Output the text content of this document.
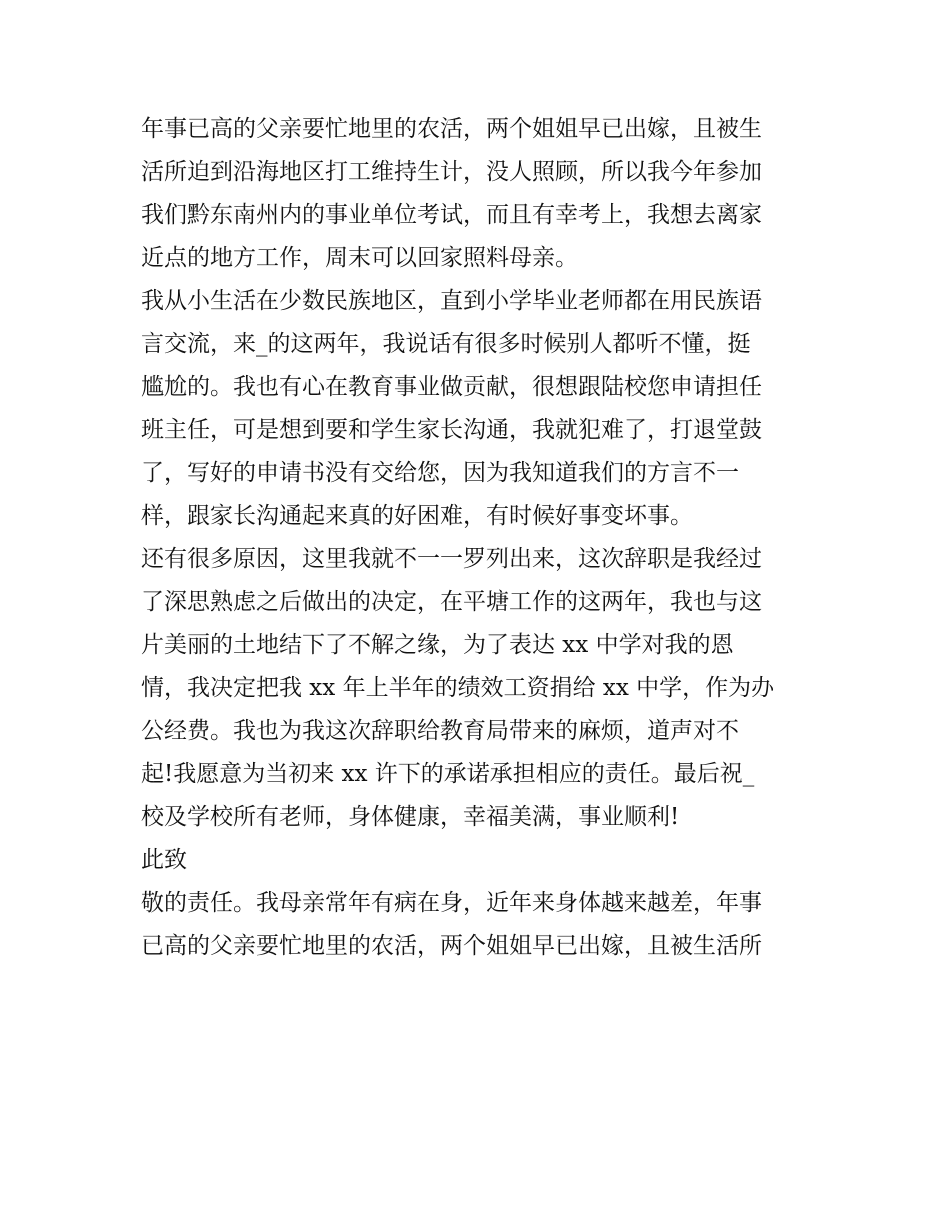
年事已高的父亲要忙地里的农活，两个姐姐早已出嫁，且被生
活所迫到沿海地区打工维持生计，没人照顾，所以我今年参加
我们黔东南州内的事业单位考试，而且有幸考上，我想去离家
近点的地方工作，周末可以回家照料母亲。
我从小生活在少数民族地区，直到小学毕业老师都在用民族语
言交流，来_的这两年，我说话有很多时候别人都听不懂，挺
尴尬的。我也有心在教育事业做贡献，很想跟陆校您申请担任
班主任，可是想到要和学生家长沟通，我就犯难了，打退堂鼓
了，写好的申请书没有交给您，因为我知道我们的方言不一
样，跟家长沟通起来真的好困难，有时候好事变坏事。
还有很多原因，这里我就不一一罗列出来，这次辞职是我经过
了深思熟虑之后做出的决定，在平塘工作的这两年，我也与这
片美丽的土地结下了不解之缘，为了表达 xx 中学对我的恩
情，我决定把我 xx 年上半年的绩效工资捐给 xx 中学，作为办
公经费。我也为我这次辞职给教育局带来的麻烦，道声对不
起!我愿意为当初来 xx 许下的承诺承担相应的责任。最后祝_
校及学校所有老师，身体健康，幸福美满，事业顺利!
此致
敬的责任。我母亲常年有病在身，近年来身体越来越差，年事
已高的父亲要忙地里的农活，两个姐姐早已出嫁，且被生活所
